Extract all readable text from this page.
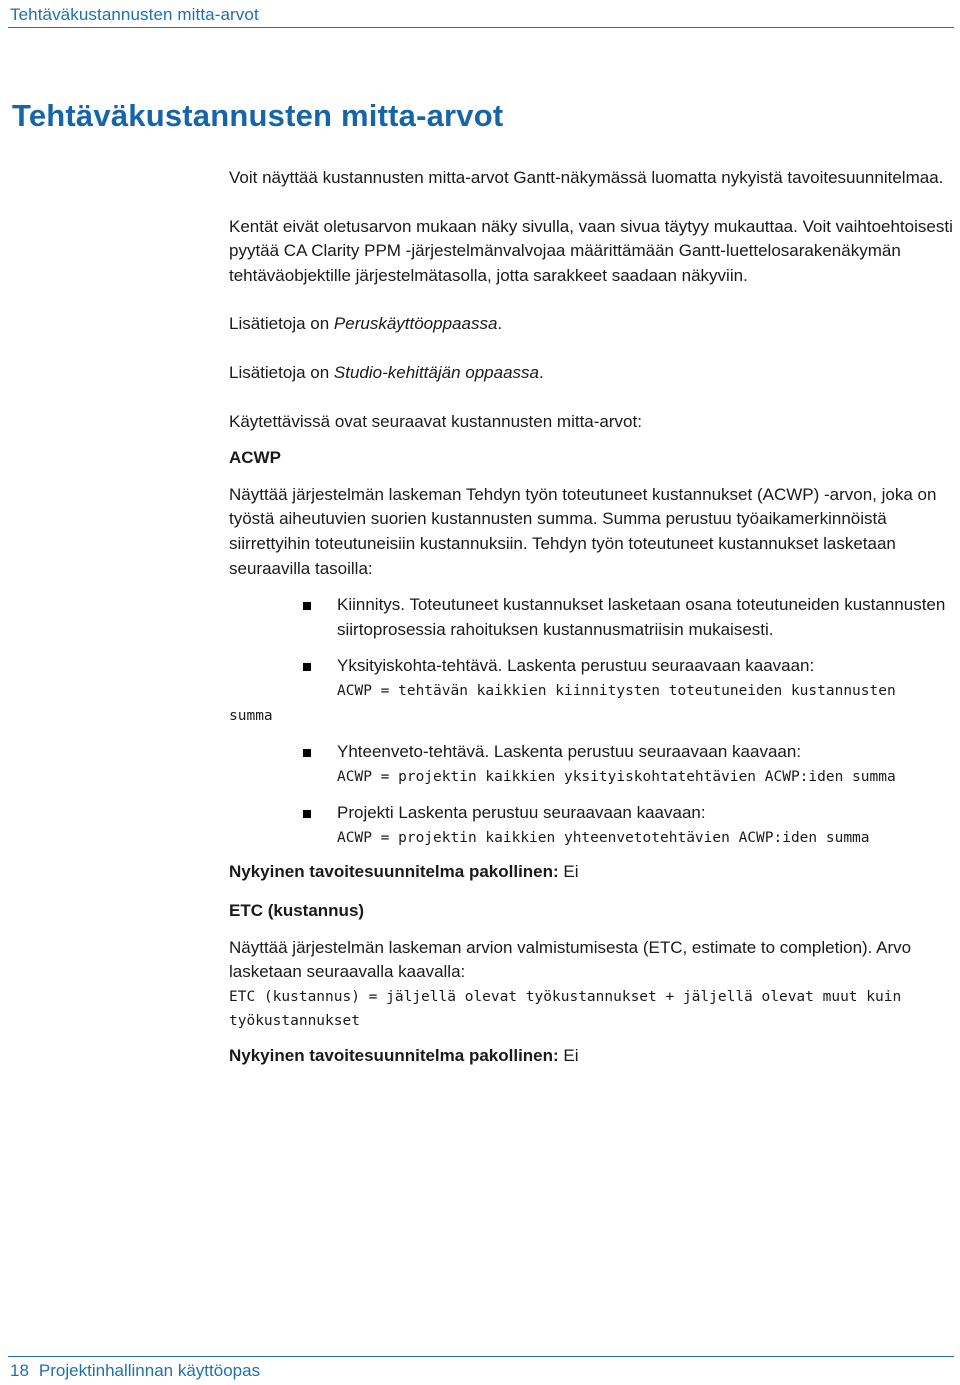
Tehtäväkustannusten mitta-arvot
Tehtäväkustannusten mitta-arvot

Voit näyttää kustannusten mitta-arvot Gantt-näkymässä luomatta nykyistä tavoitesuunnitelmaa.

Kentät eivät oletusarvon mukaan näky sivulla, vaan sivua täytyy mukauttaa. Voit vaihtoehtoisesti pyytää CA Clarity PPM -järjestelmänvalvojaa määrittämään Gantt-luettelosarakenäkymän tehtäväobjektille järjestelmätasolla, jotta sarakkeet saadaan näkyviin.

Lisätietoja on Peruskäyttöoppaassa.

Lisätietoja on Studio-kehittäjän oppaassa.

Käytettävissä ovat seuraavat kustannusten mitta-arvot:

ACWP

Näyttää järjestelmän laskeman Tehdyn työn toteutuneet kustannukset (ACWP) -arvon, joka on työstä aiheutuvien suorien kustannusten summa. Summa perustuu työaikamerkinnöistä siirrettyihin toteutuneisiin kustannuksiin. Tehdyn työn toteutuneet kustannukset lasketaan seuraavilla tasoilla:

Kiinnitys. Toteutuneet kustannukset lasketaan osana toteutuneiden kustannusten siirtoprosessia rahoituksen kustannusmatriisin mukaisesti.

Yksityiskohta-tehtävä. Laskenta perustuu seuraavaan kaavaan:

ACWP = tehtävän kaikkien kiinnitysten toteutuneiden kustannusten

summa

Yhteenveto-tehtävä. Laskenta perustuu seuraavaan kaavaan:

ACWP = projektin kaikkien yksityiskohtatehtävien ACWP:iden summa

Projekti Laskenta perustuu seuraavaan kaavaan:

ACWP = projektin kaikkien yhteenvetotehtävien ACWP:iden summa

Nykyinen tavoitesuunnitelma pakollinen: Ei

ETC (kustannus)

Näyttää järjestelmän laskeman arvion valmistumisesta (ETC, estimate to completion). Arvo lasketaan seuraavalla kaavalla:

ETC (kustannus) = jäljellä olevat työkustannukset + jäljellä olevat muut kuin työkustannukset

Nykyinen tavoitesuunnitelma pakollinen: Ei

18 Projektinhallinnan käyttöopas
